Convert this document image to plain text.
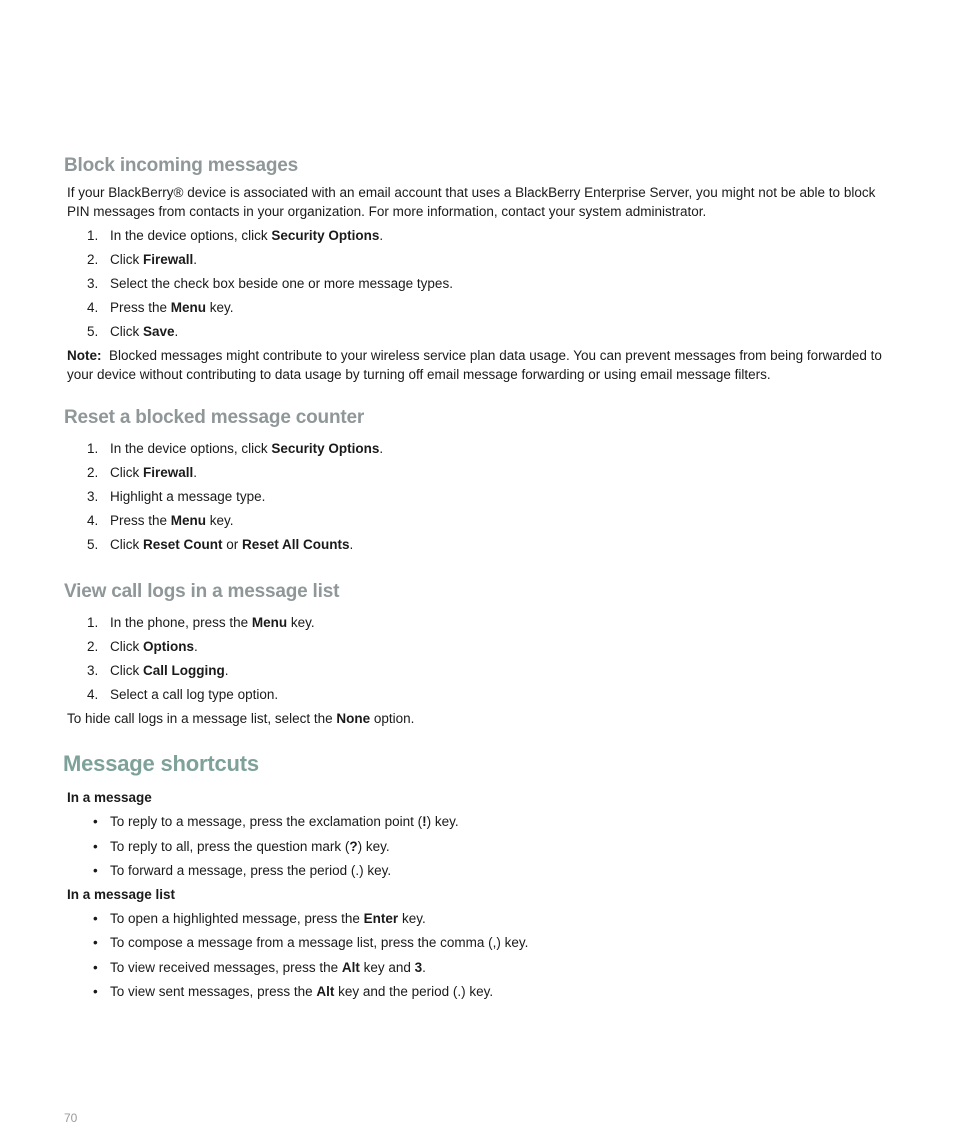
Block incoming messages

If your BlackBerry® device is associated with an email account that uses a BlackBerry Enterprise Server, you might not be able to block

PIN messages from contacts in your organization. For more information, contact your system administrator.

1. In the device options, click Security Options.
2. Click Firewall.
3. Select the check box beside one or more message types.
4. Press the Menu key.
5. Click Save.
Note: Blocked messages might contribute to your wireless service plan data usage. You can prevent messages from being forwarded to

your device without contributing to data usage by turning off email message forwarding or using email message filters.

Reset a blocked message counter
1. In the device options, click Security Options.
2. Click Firewall.
3. Highlight a message type.
4. Press the Menu key.
5. Click Reset Count or Reset All Counts.
View call logs in a message list
1. In the phone, press the Menu key.
2. Click Options.
3. Click Call Logging.
4. Select a call log type option.
To hide call logs in a message list, select the None option.
Message shortcuts
In a message
• To reply to a message, press the exclamation point (!) key.
• To reply to all, press the question mark (?) key.
• To forward a message, press the period (.) key.
In a message list
• To open a highlighted message, press the Enter key.
• To compose a message from a message list, press the comma (,) key.
• To view received messages, press the Alt key and 3.
• To view sent messages, press the Alt key and the period (.) key.
70
